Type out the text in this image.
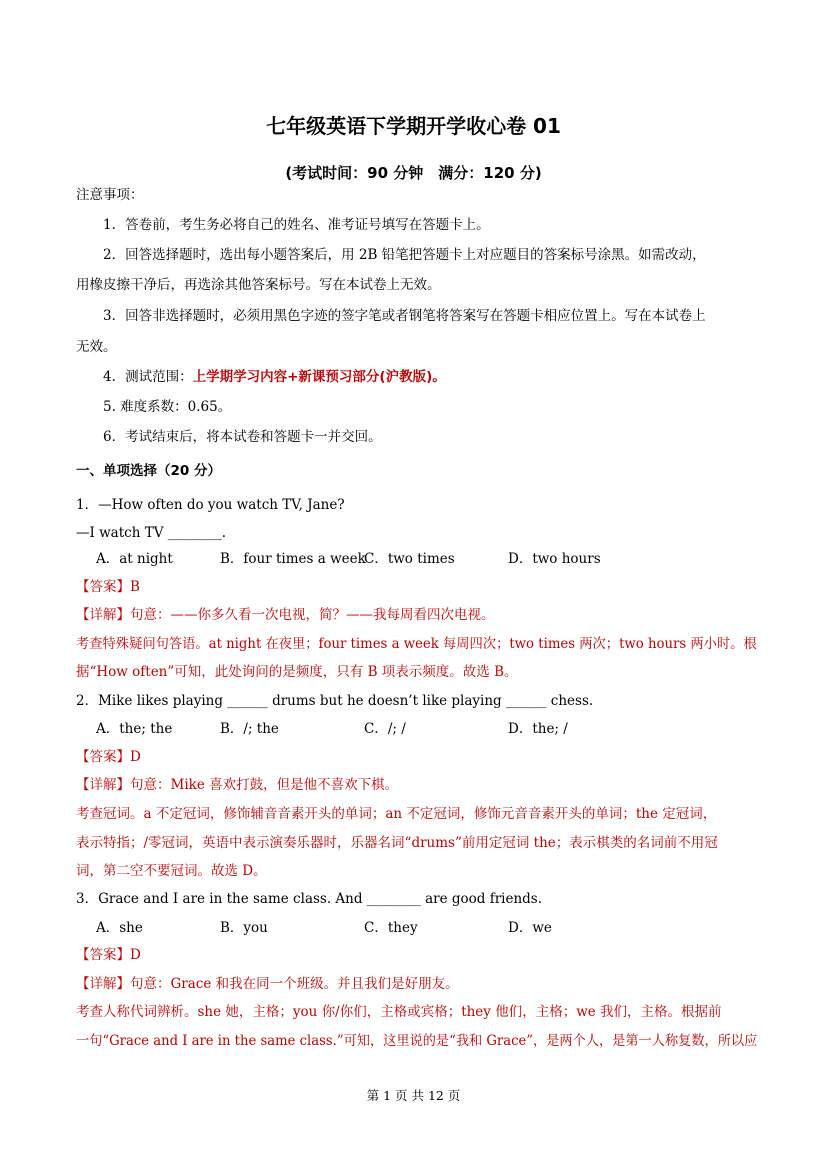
七年级英语下学期开学收心卷 01
(考试时间：90 分钟　满分：120 分)
注意事项：
1．答卷前，考生务必将自己的姓名、准考证号填写在答题卡上。
2．回答选择题时，选出每小题答案后，用 2B 铅笔把答题卡上对应题目的答案标号涂黑。如需改动，
用橡皮擦干净后，再选涂其他答案标号。写在本试卷上无效。
3．回答非选择题时，必须用黑色字迹的签字笔或者钢笔将答案写在答题卡相应位置上。写在本试卷上
无效。
4．测试范围：上学期学习内容+新课预习部分(沪教版)。
5. 难度系数：0.65。
6．考试结束后，将本试卷和答题卡一并交回。
一、单项选择（20 分）
1．—How often do you watch TV, Jane?
—I watch TV ________.
A．at night	B．four times a week
C．two times	D．two hours
【答案】B
【详解】句意：——你多久看一次电视，简？——我每周看四次电视。
考查特殊疑问句答语。at night 在夜里；four times a week 每周四次；two times 两次；two hours 两小时。根
据“How often”可知，此处询问的是频度，只有 B 项表示频度。故选 B。
2．Mike likes playing ______ drums but he doesn’t like playing ______ chess.
A．the; the	B．/; the	C．/; /	D．the; /
【答案】D
【详解】句意：Mike 喜欢打鼓，但是他不喜欢下棋。
考查冠词。a 不定冠词，修饰辅音音素开头的单词；an 不定冠词，修饰元音音素开头的单词；the 定冠词，
表示特指；/零冠词，英语中表示演奏乐器时，乐器名词“drums”前用定冠词 the；表示棋类的名词前不用冠
词，第二空不要冠词。故选 D。
3．Grace and I are in the same class. And ________ are good friends.
A．she	B．you	C．they	D．we
【答案】D
【详解】句意：Grace 和我在同一个班级。并且我们是好朋友。
考查人称代词辨析。she 她，主格；you 你/你们，主格或宾格；they 他们，主格；we 我们，主格。根据前
一句“Grace and I are in the same class.”可知，这里说的是“我和 Grace”，是两个人，是第一人称复数，所以应
第 1 页 共 12 页
